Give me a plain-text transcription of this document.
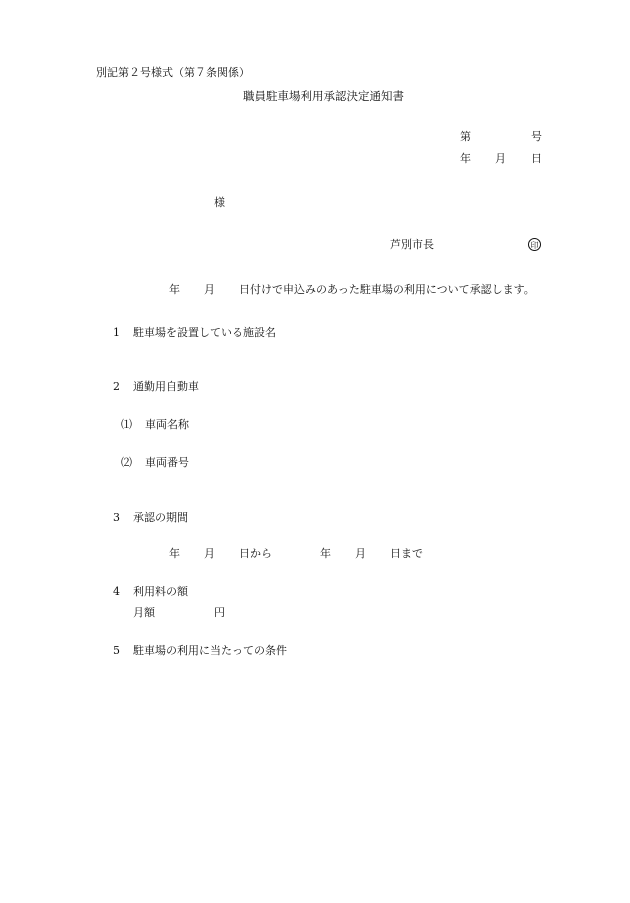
別記第２号様式（第７条関係）
職員駐車場利用承認決定通知書
第	号
年 月 日
様
芦別市長	印
年 月 日付けで申込みのあった駐車場の利用について承認します。
1 駐車場を設置している施設名
2 通勤用自動車
⑴ 車両名称
⑵ 車両番号
3 承認の期間
年 月 日から	年 月 日まで
4 利用料の額
月額	円
5 駐車場の利用に当たっての条件
